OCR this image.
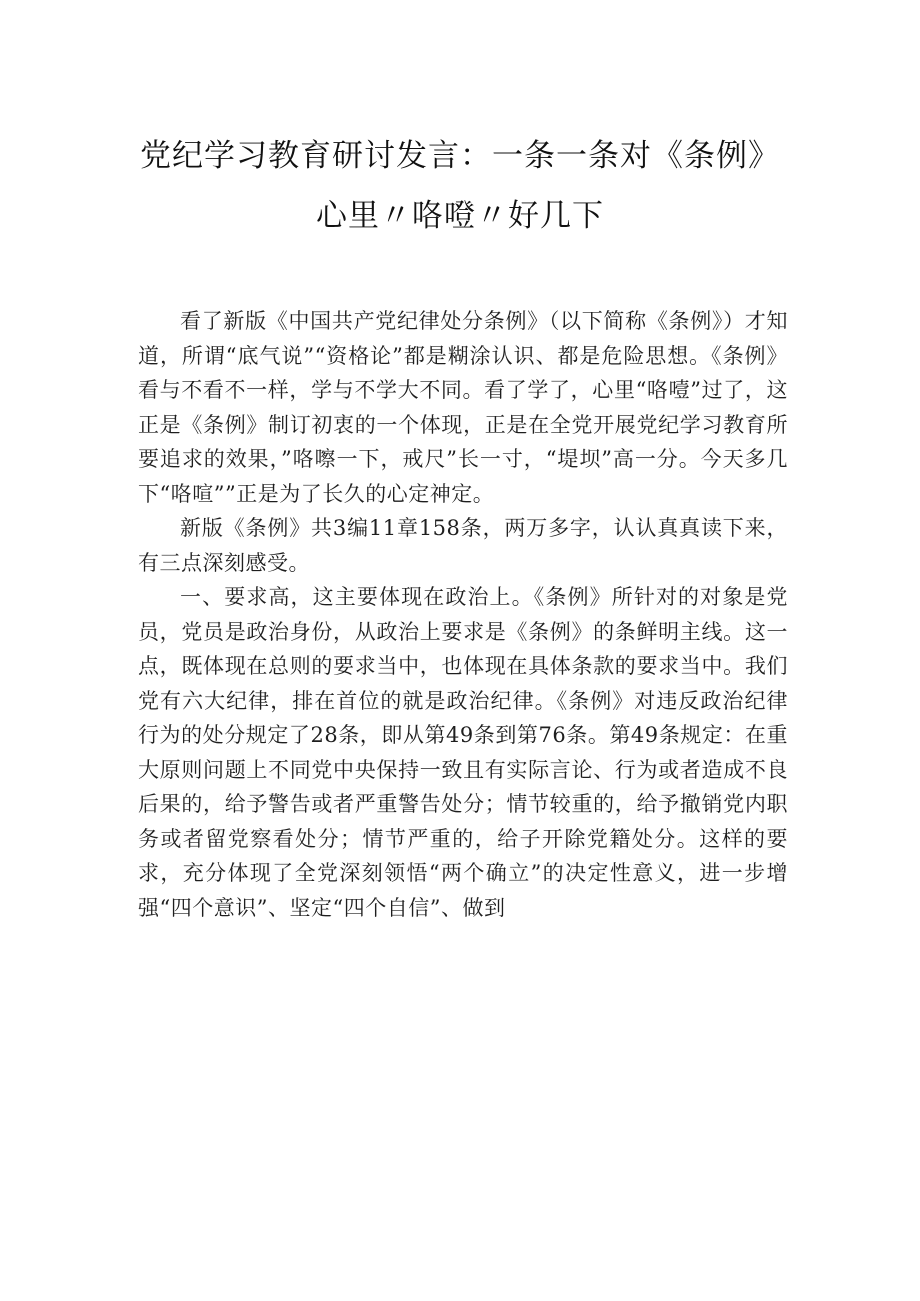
党纪学习教育研讨发言：一条一条对《条例》
心里〃咯噔〃好几下

看了新版《中国共产党纪律处分条例》（以下简称《条例》）才知道，所谓“底气说”“资格论”都是糊涂认识、都是危险思想。《条例》看与不看不一样，学与不学大不同。看了学了，心里“咯噎”过了，这正是《条例》制订初衷的一个体现，正是在全党开展党纪学习教育所要追求的效果，”咯嚓一下，戒尺”长一寸，“堤坝”高一分。今天多几下“咯喧””正是为了长久的心定神定。

新版《条例》共3编11章158条，两万多字，认认真真读下来，有三点深刻感受。

一、要求高，这主要体现在政治上。《条例》所针对的对象是党员，党员是政治身份，从政治上要求是《条例》的条鲜明主线。这一点，既体现在总则的要求当中，也体现在具体条款的要求当中。我们党有六大纪律，排在首位的就是政治纪律。《条例》对违反政治纪律行为的处分规定了28条，即从第49条到第76条。第49条规定：在重大原则问题上不同党中央保持一致且有实际言论、行为或者造成不良后果的，给予警告或者严重警告处分；情节较重的，给予撤销党内职务或者留党察看处分；情节严重的，给子开除党籍处分。这样的要求，充分体现了全党深刻领悟“两个确立”的决定性意义，进一步增强“四个意识”、坚定“四个自信”、做到
